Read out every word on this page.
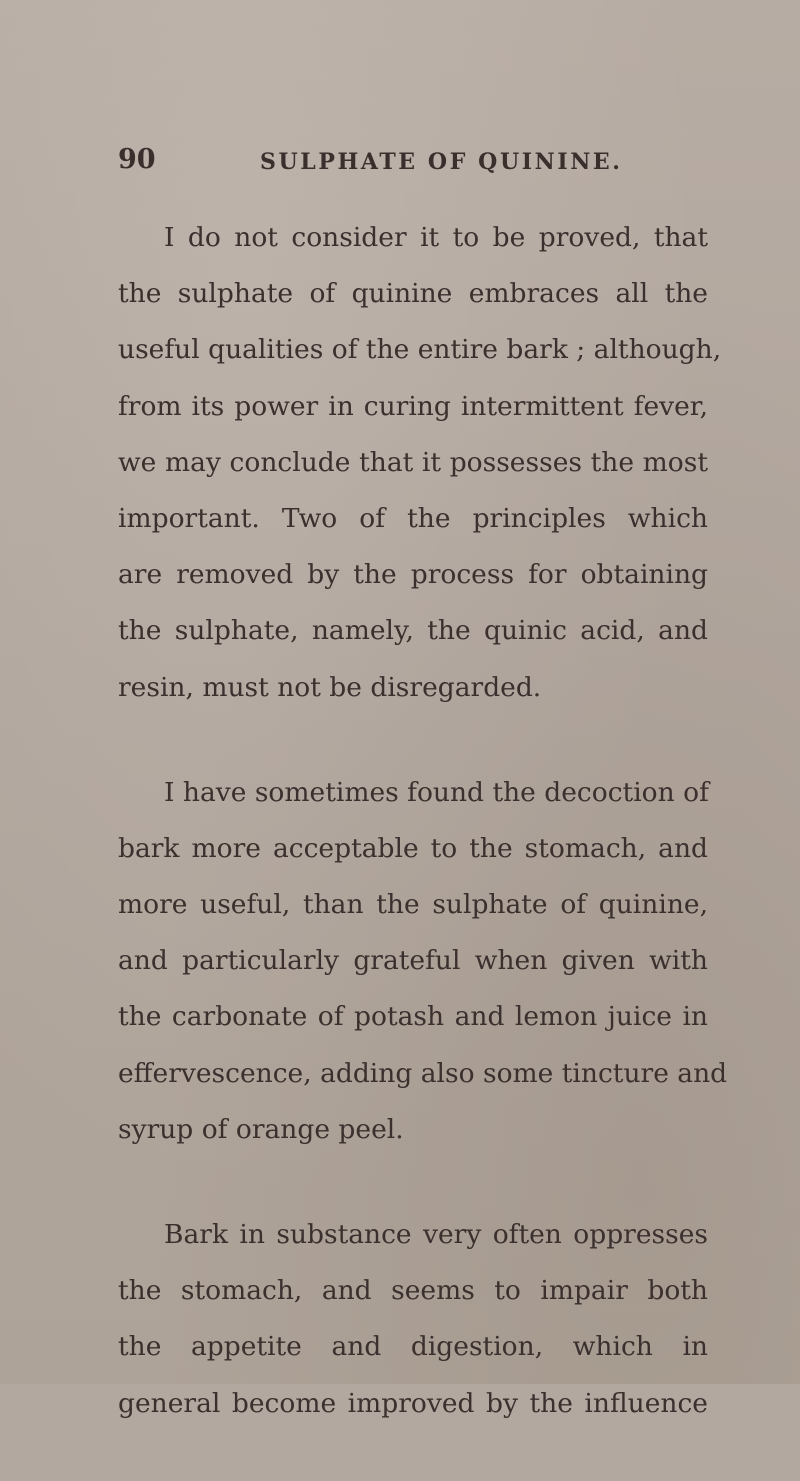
90	SULPHATE OF QUININE.

I do not consider it to be proved, that
the sulphate of quinine embraces all the
useful qualities of the entire bark ; although,
from its power in curing intermittent fever,
we may conclude that it possesses the most
important. Two of the principles which
are removed by the process for obtaining
the sulphate, namely, the quinic acid, and
resin, must not be disregarded.

I have sometimes found the decoction of
bark more acceptable to the stomach, and
more useful, than the sulphate of quinine,
and particularly grateful when given with
the carbonate of potash and lemon juice in
effervescence, adding also some tincture and
syrup of orange peel.

Bark in substance very often oppresses
the stomach, and seems to impair both
the appetite and digestion, which in
general become improved by the influence
